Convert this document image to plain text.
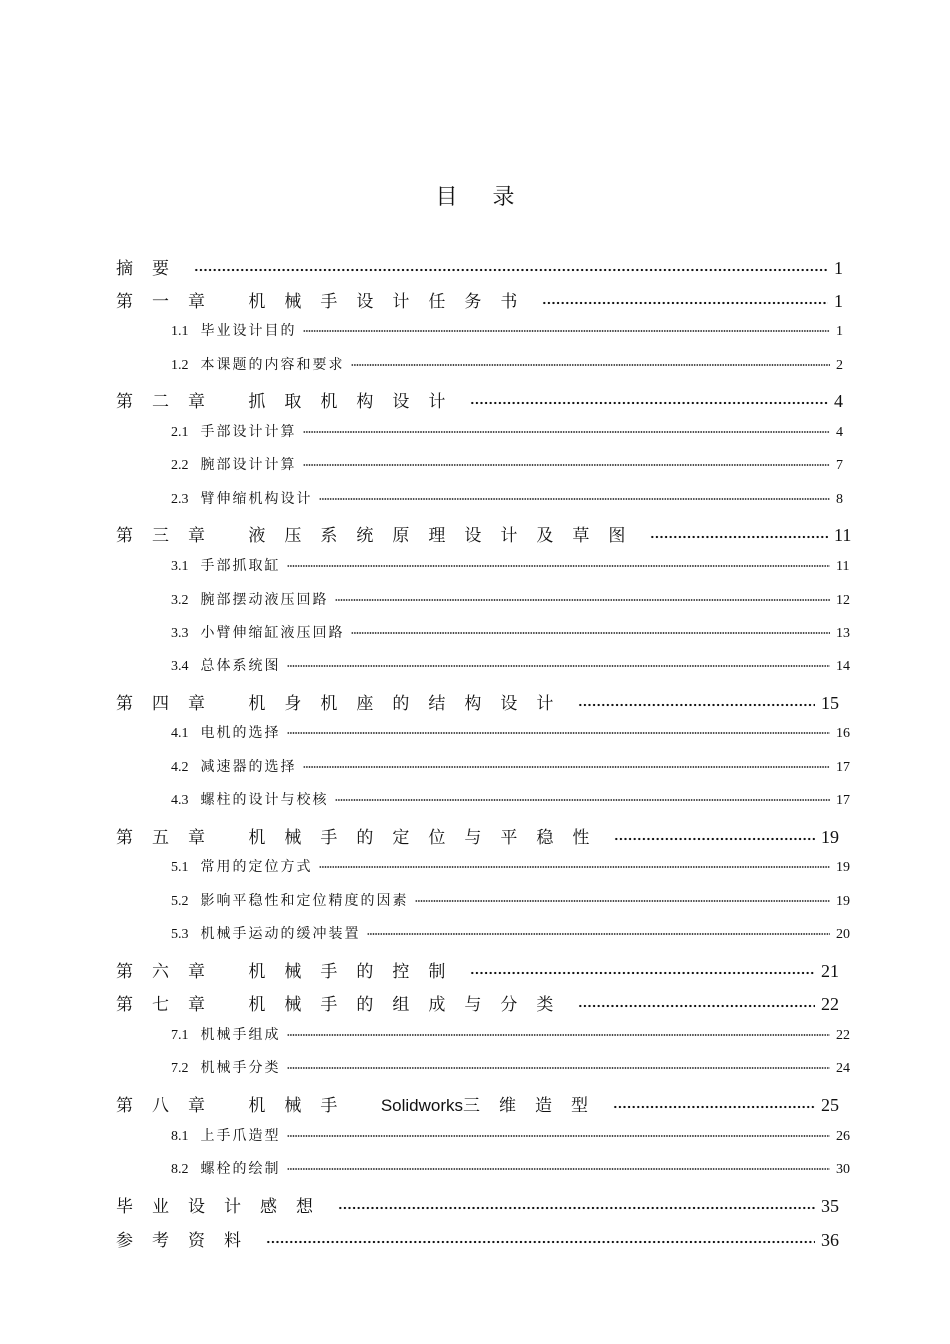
目 录
摘要	1
第一章 机械手设计任务书	1
1.1 毕业设计目的	1
1.2 本课题的内容和要求	2
第二章 抓取机构设计	4
2.1 手部设计计算	4
2.2 腕部设计计算	7
2.3 臂伸缩机构设计	8
第三章 液压系统原理设计及草图	11
3.1 手部抓取缸	11
3.2 腕部摆动液压回路	12
3.3 小臂伸缩缸液压回路	13
3.4 总体系统图	14
第四章 机身机座的结构设计	15
4.1 电机的选择	16
4.2 减速器的选择	17
4.3 螺柱的设计与校核	17
第五章 机械手的定位与平稳性	19
5.1 常用的定位方式	19
5.2 影响平稳性和定位精度的因素	19
5.3 机械手运动的缓冲装置	20
第六章 机械手的控制	21
第七章 机械手的组成与分类	22
7.1 机械手组成	22
7.2 机械手分类	24
第八章 机械手 Solidworks三维造型	25
8.1 上手爪造型	26
8.2 螺栓的绘制	30
毕业设计感想	35
参考资料	36
